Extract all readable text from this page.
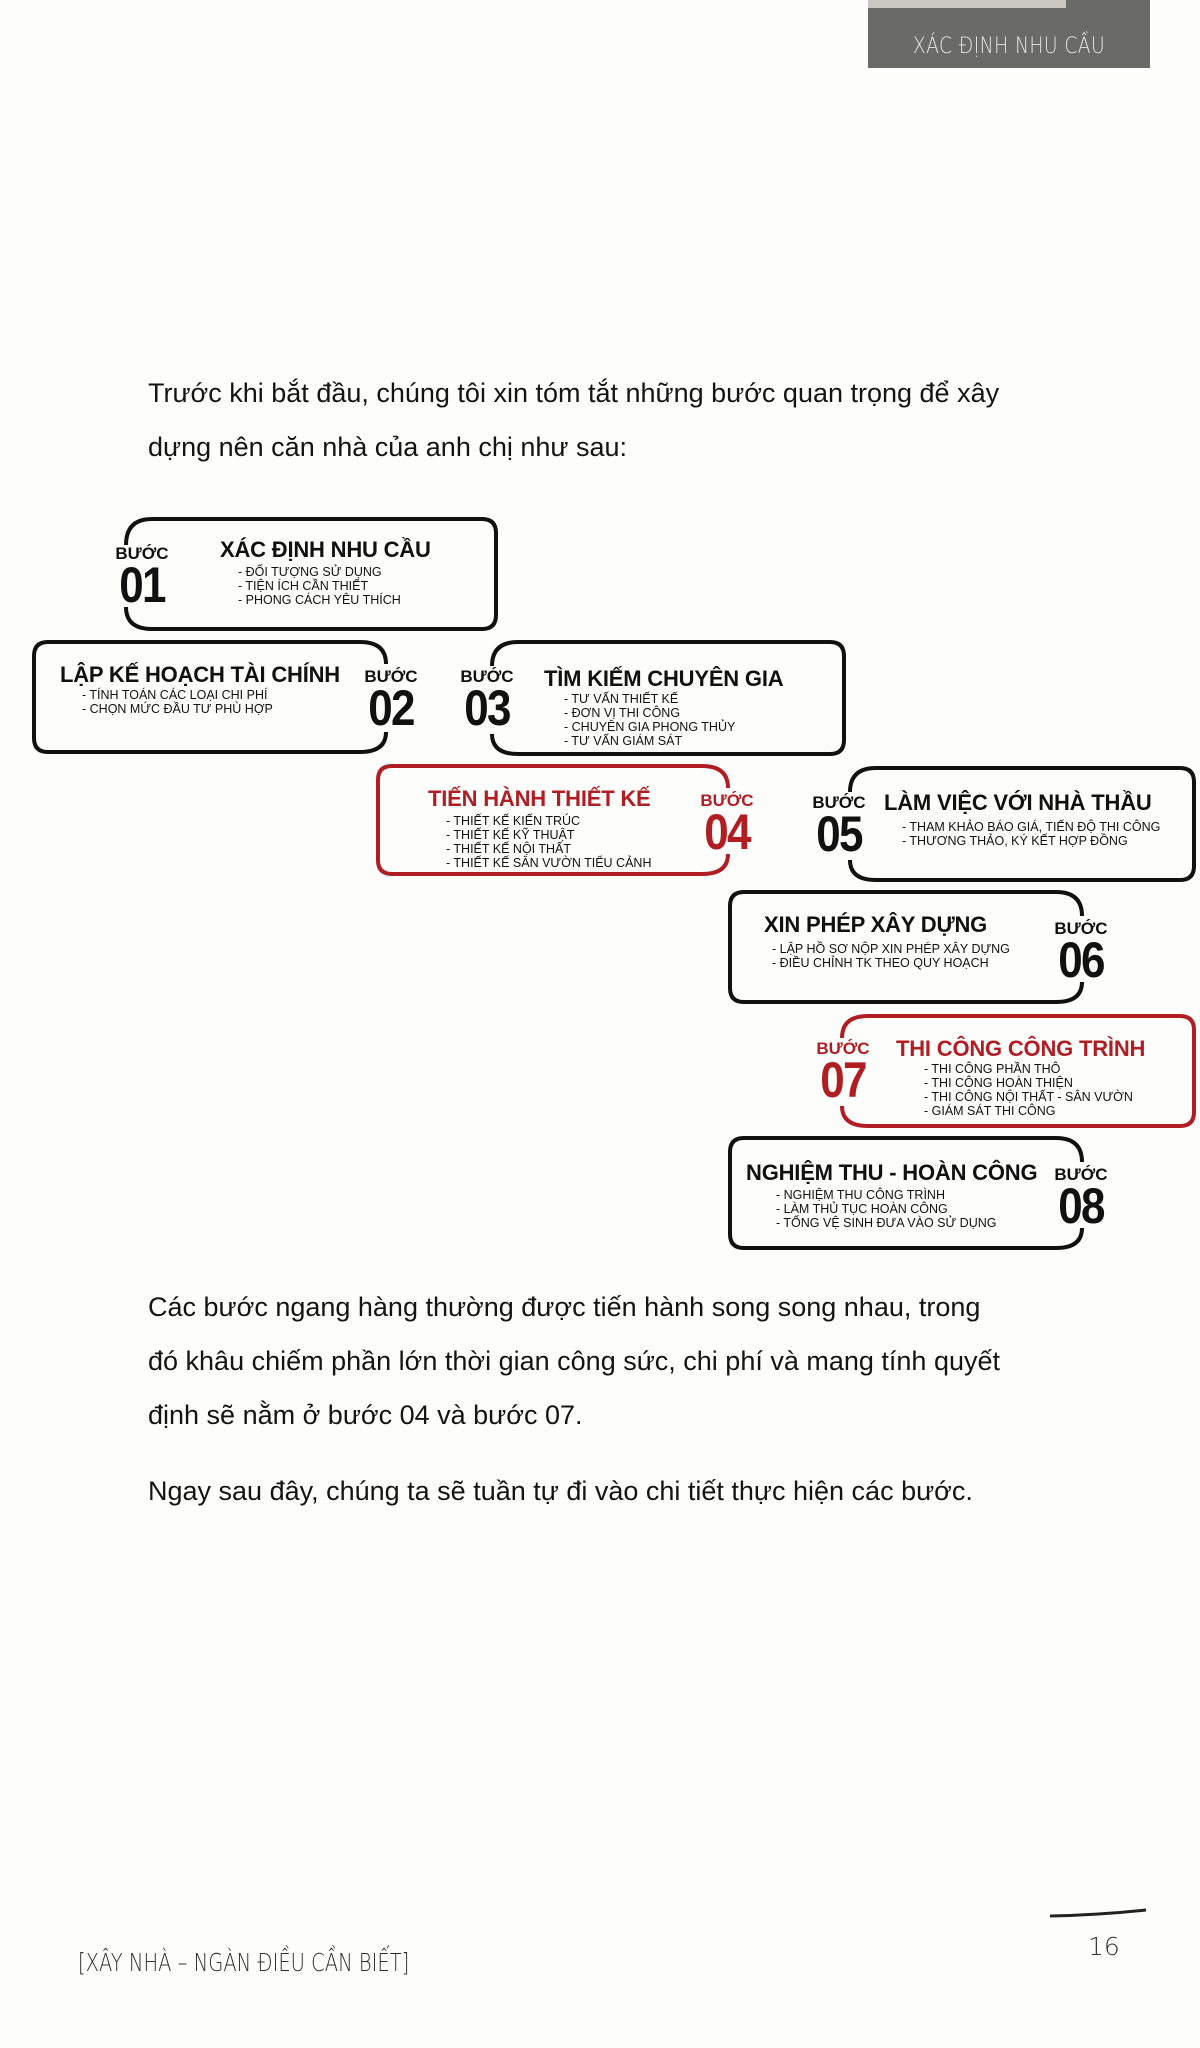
XÁC ĐỊNH NHU CẦU
Trước khi bắt đầu, chúng tôi xin tóm tắt những bước quan trọng để xây
dựng nên căn nhà của anh chị như sau:
BƯỚC
01
XÁC ĐỊNH NHU CẦU
- ĐỐI TƯỢNG SỬ DỤNG
- TIỆN ÍCH CẦN THIẾT
- PHONG CÁCH YÊU THÍCH
LẬP KẾ HOẠCH TÀI CHÍNH
- TÍNH TOÁN CÁC LOẠI CHI PHÍ
- CHỌN MỨC ĐẦU TƯ PHÙ HỢP
BƯỚC
02
BƯỚC
03
TÌM KIẾM CHUYÊN GIA
- TƯ VẤN THIẾT KẾ
- ĐƠN VỊ THI CÔNG
- CHUYÊN GIA PHONG THỦY
- TƯ VẤN GIÁM SÁT
TIẾN HÀNH THIẾT KẾ
- THIẾT KẾ KIẾN TRÚC
- THIẾT KẾ KỸ THUẬT
- THIẾT KẾ NỘI THẤT
- THIẾT KẾ SÂN VƯỜN TIỂU CẢNH
BƯỚC
04
BƯỚC
05
LÀM VIỆC VỚI NHÀ THẦU
- THAM KHẢO BÁO GIÁ, TIẾN ĐỘ THI CÔNG
- THƯƠNG THẢO, KÝ KẾT HỢP ĐỒNG
XIN PHÉP XÂY DỰNG
- LẬP HỒ SƠ NỘP XIN PHÉP XÂY DỰNG
- ĐIỀU CHỈNH TK THEO QUY HOẠCH
BƯỚC
06
BƯỚC
07
THI CÔNG CÔNG TRÌNH
- THI CÔNG PHẦN THÔ
- THI CÔNG HOÀN THIỆN
- THI CÔNG NỘI THẤT - SÂN VƯỜN
- GIÁM SÁT THI CÔNG
NGHIỆM THU - HOÀN CÔNG
- NGHIỆM THU CÔNG TRÌNH
- LÀM THỦ TỤC HOÀN CÔNG
- TỔNG VỆ SINH ĐƯA VÀO SỬ DỤNG
BƯỚC
08
Các bước ngang hàng thường được tiến hành song song nhau, trong
đó khâu chiếm phần lớn thời gian công sức, chi phí và mang tính quyết
định sẽ nằm ở bước 04 và bước 07.
Ngay sau đây, chúng ta sẽ tuần tự đi vào chi tiết thực hiện các bước.
16
[XÂY NHÀ – NGÀN ĐIỀU CẦN BIẾT]
